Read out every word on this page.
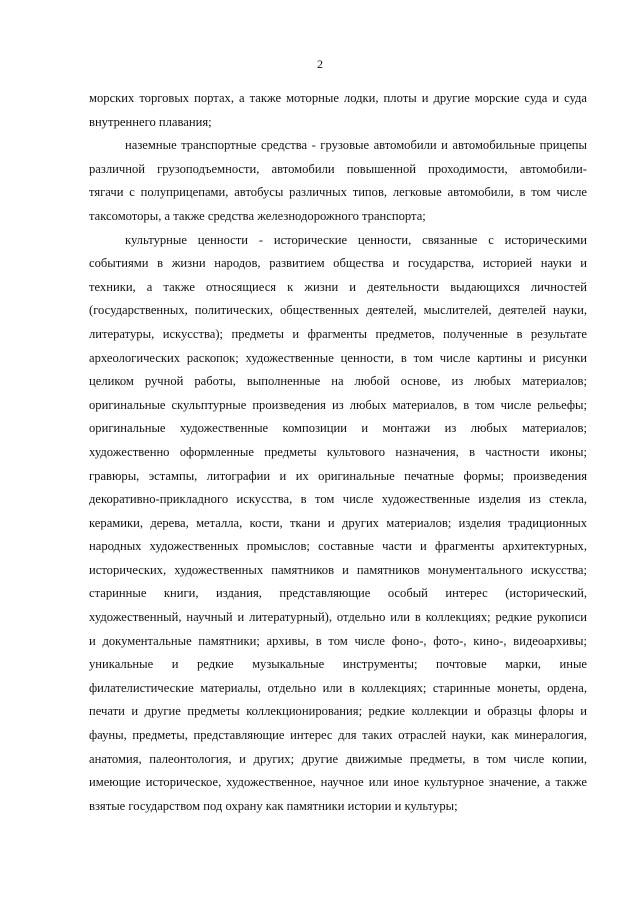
2
морских торговых портах, а также моторные лодки, плоты и другие морские суда и суда
внутреннего плавания;
наземные транспортные средства - грузовые автомобили и автомобильные прицепы
различной грузоподъемности, автомобили повышенной проходимости, автомобили-
тягачи с полуприцепами, автобусы различных типов, легковые автомобили, в том числе
таксомоторы, а также средства железнодорожного транспорта;
культурные ценности - исторические ценности, связанные с историческими
событиями в жизни народов, развитием общества и государства, историей науки и
техники, а также относящиеся к жизни и деятельности выдающихся личностей
(государственных, политических, общественных деятелей, мыслителей, деятелей науки,
литературы, искусства); предметы и фрагменты предметов, полученные в результате
археологических раскопок; художественные ценности, в том числе картины и рисунки
целиком ручной работы, выполненные на любой основе, из любых материалов;
оригинальные скульптурные произведения из любых материалов, в том числе рельефы;
оригинальные художественные композиции и монтажи из любых материалов;
художественно оформленные предметы культового назначения, в частности иконы;
гравюры, эстампы, литографии и их оригинальные печатные формы; произведения
декоративно-прикладного искусства, в том числе художественные изделия из стекла,
керамики, дерева, металла, кости, ткани и других материалов; изделия традиционных
народных художественных промыслов; составные части и фрагменты архитектурных,
исторических, художественных памятников и памятников монументального искусства;
старинные книги, издания, представляющие особый интерес (исторический,
художественный, научный и литературный), отдельно или в коллекциях; редкие рукописи
и документальные памятники; архивы, в том числе фоно-, фото-, кино-, видеоархивы;
уникальные и редкие музыкальные инструменты; почтовые марки, иные
филателистические материалы, отдельно или в коллекциях; старинные монеты, ордена,
печати и другие предметы коллекционирования; редкие коллекции и образцы флоры и
фауны, предметы, представляющие интерес для таких отраслей науки, как минералогия,
анатомия, палеонтология, и других; другие движимые предметы, в том числе копии,
имеющие историческое, художественное, научное или иное культурное значение, а также
взятые государством под охрану как памятники истории и культуры;
